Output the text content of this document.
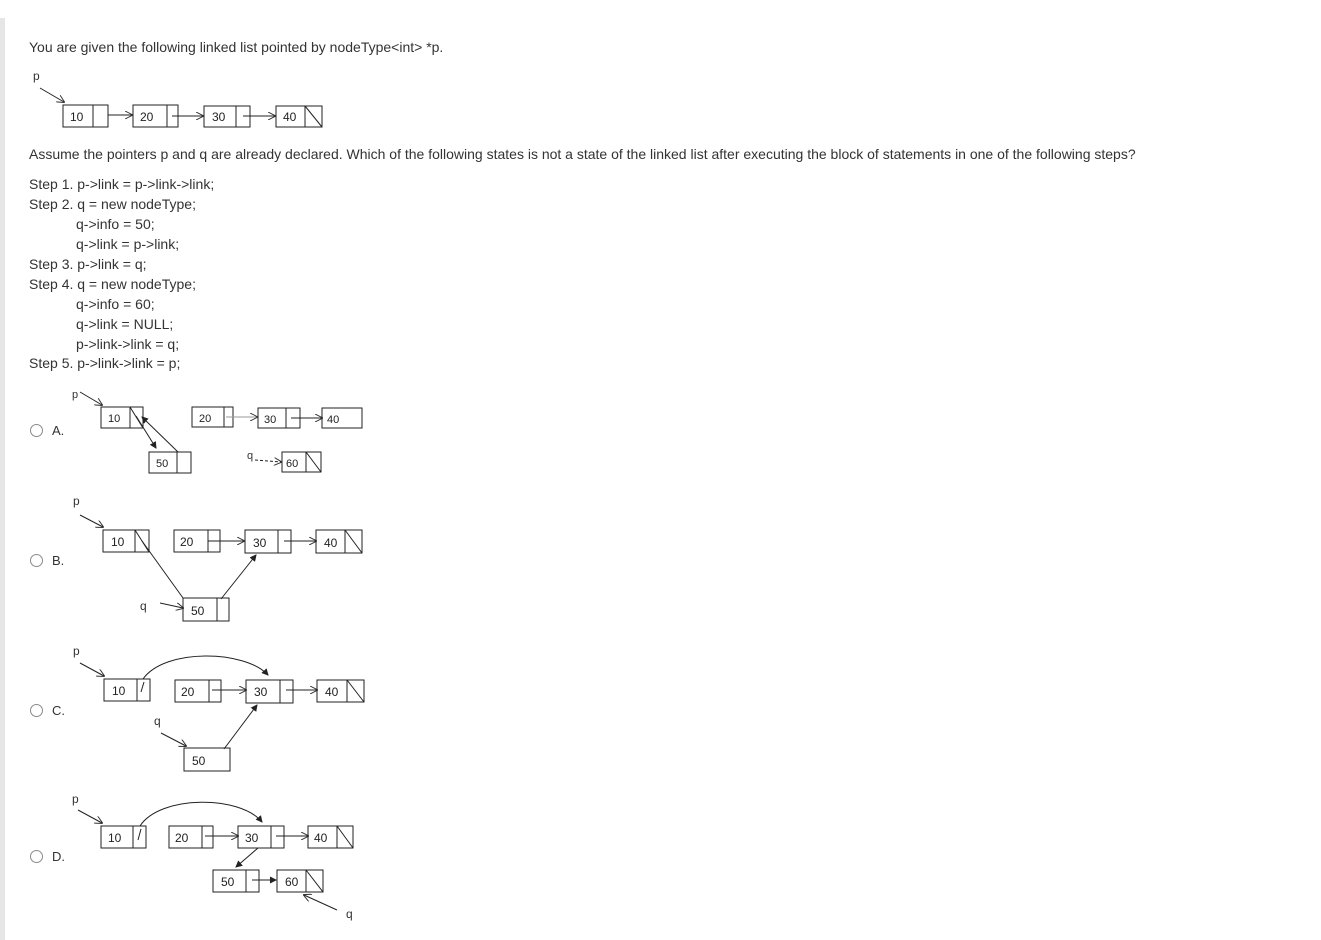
You are given the following linked list pointed by nodeType<int> *p.
p
10	20	30	40
p
10
50
20	30	40
q
60
p
10	20	30	40
q	50
p
10	20	30	40
q
50
p
10	20	30	40
50	60
q
Assume the pointers p and q are already declared. Which of the following states is not a state of the linked list after executing the block of statements in one of the following steps?
Step 1. p->link = p->link->link;
Step 2. q = new nodeType;
q->info = 50;
q->link = p->link;
Step 3. p->link = q;
Step 4. q = new nodeType;
q->info = 60;
q->link = NULL;
p->link->link = q;
Step 5. p->link->link = p;
A.
B.
C.
D.
